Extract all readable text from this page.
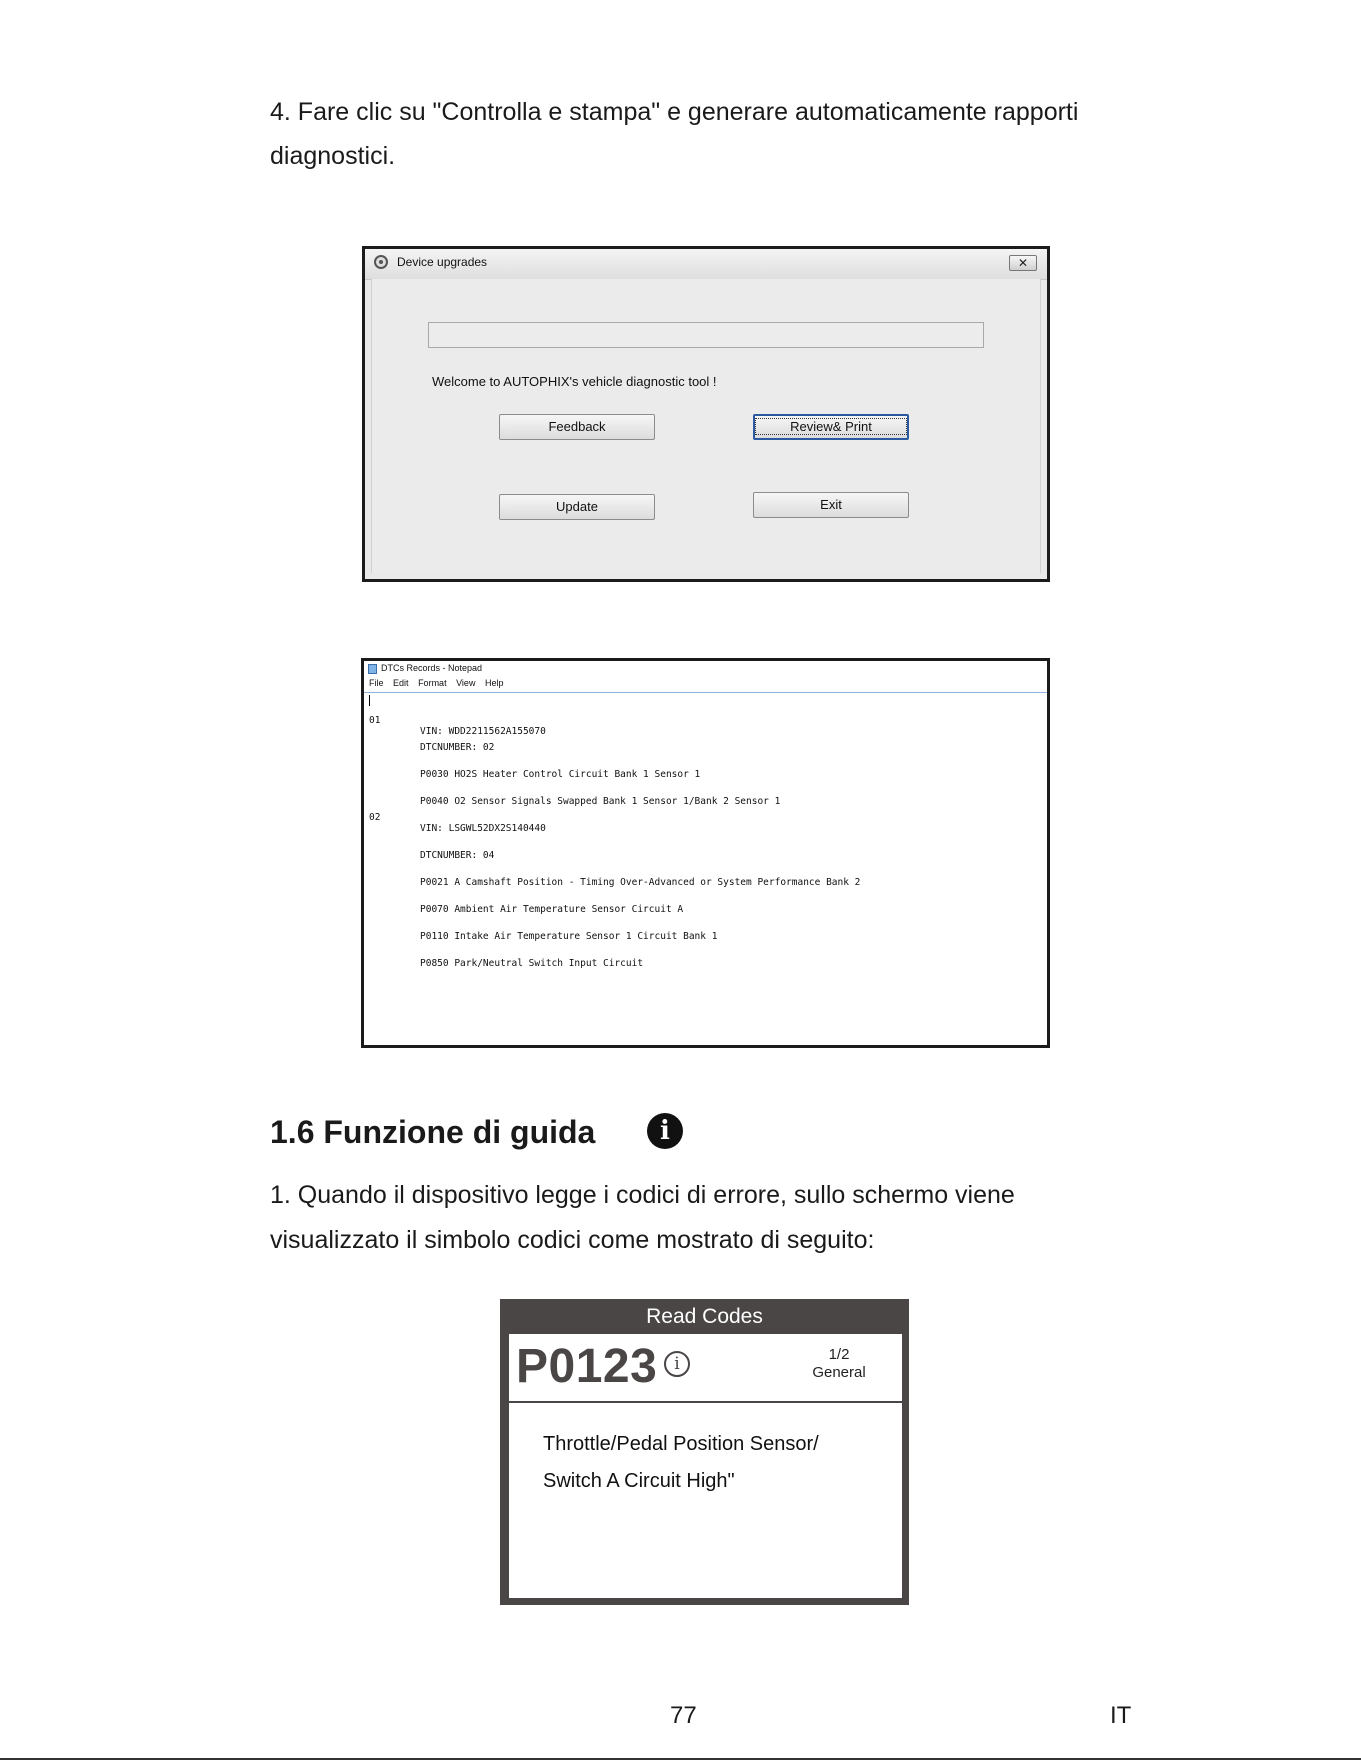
4. Fare clic su "Controlla e stampa" e generare automaticamente rapporti
diagnostici.
Device upgrades	✕
Welcome to AUTOPHIX's vehicle diagnostic tool !
Feedback	Review& Print
Update	Exit
DTCs Records - Notepad
File Edit Format View Help

01

VIN: WDD2211562A155070

DTCNUMBER: 02

P0030 HO2S Heater Control Circuit Bank 1 Sensor 1

P0040 O2 Sensor Signals Swapped Bank 1 Sensor 1/Bank 2 Sensor 1

02

VIN: LSGWL52DX2S140440

DTCNUMBER: 04

P0021 A Camshaft Position - Timing Over-Advanced or System Performance Bank 2

P0070 Ambient Air Temperature Sensor Circuit A

P0110 Intake Air Temperature Sensor 1 Circuit Bank 1

P0850 Park/Neutral Switch Input Circuit

1.6 Funzione di guida	i
1. Quando il dispositivo legge i codici di errore, sullo schermo viene
visualizzato il simbolo codici come mostrato di seguito:
Read Codes
P0123 i	1/2
General
Throttle/Pedal Position Sensor/
Switch A Circuit High"
77	IT
